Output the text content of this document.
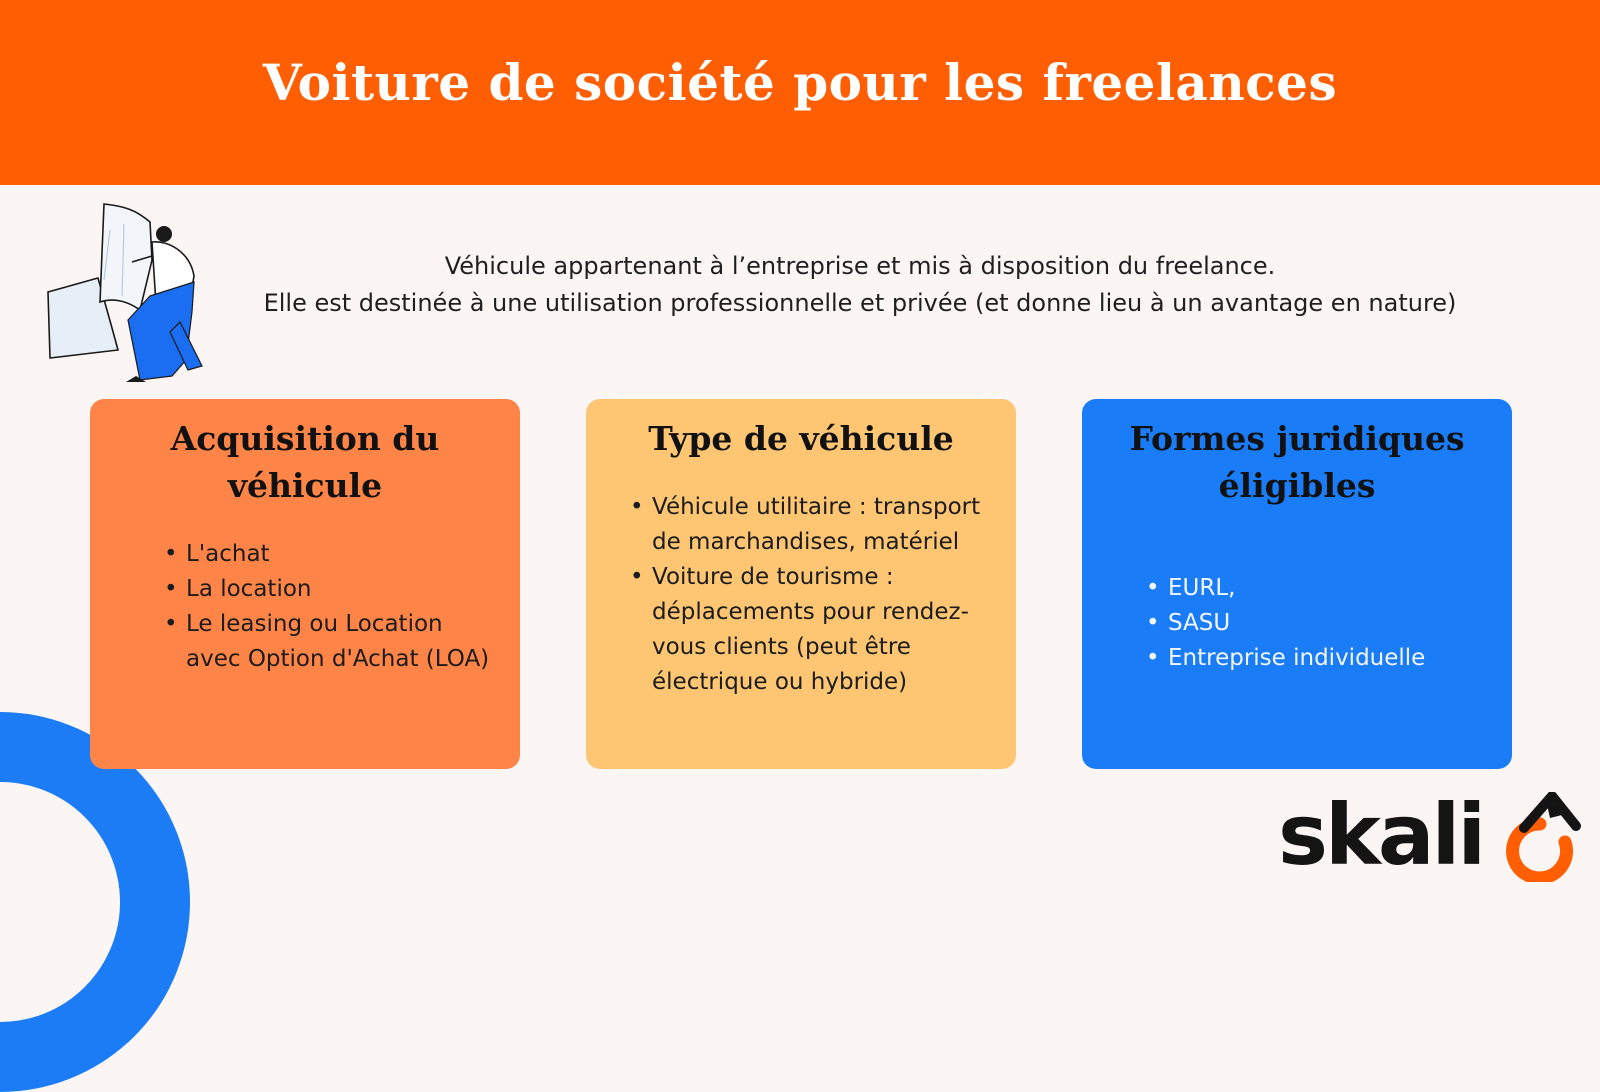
Voiture de société pour les freelances
Véhicule appartenant à l’entreprise et mis à disposition du freelance.
Elle est destinée à une utilisation professionnelle et privée (et donne lieu à un avantage en nature)
Acquisition du véhicule
• L'achat
• La location
• Le leasing ou Location avec Option d'Achat (LOA)
Type de véhicule
• Véhicule utilitaire : transport de marchandises, matériel
• Voiture de tourisme : déplacements pour rendez-vous clients (peut être électrique ou hybride)
Formes juridiques éligibles
• EURL,
• SASU
• Entreprise individuelle
skali
